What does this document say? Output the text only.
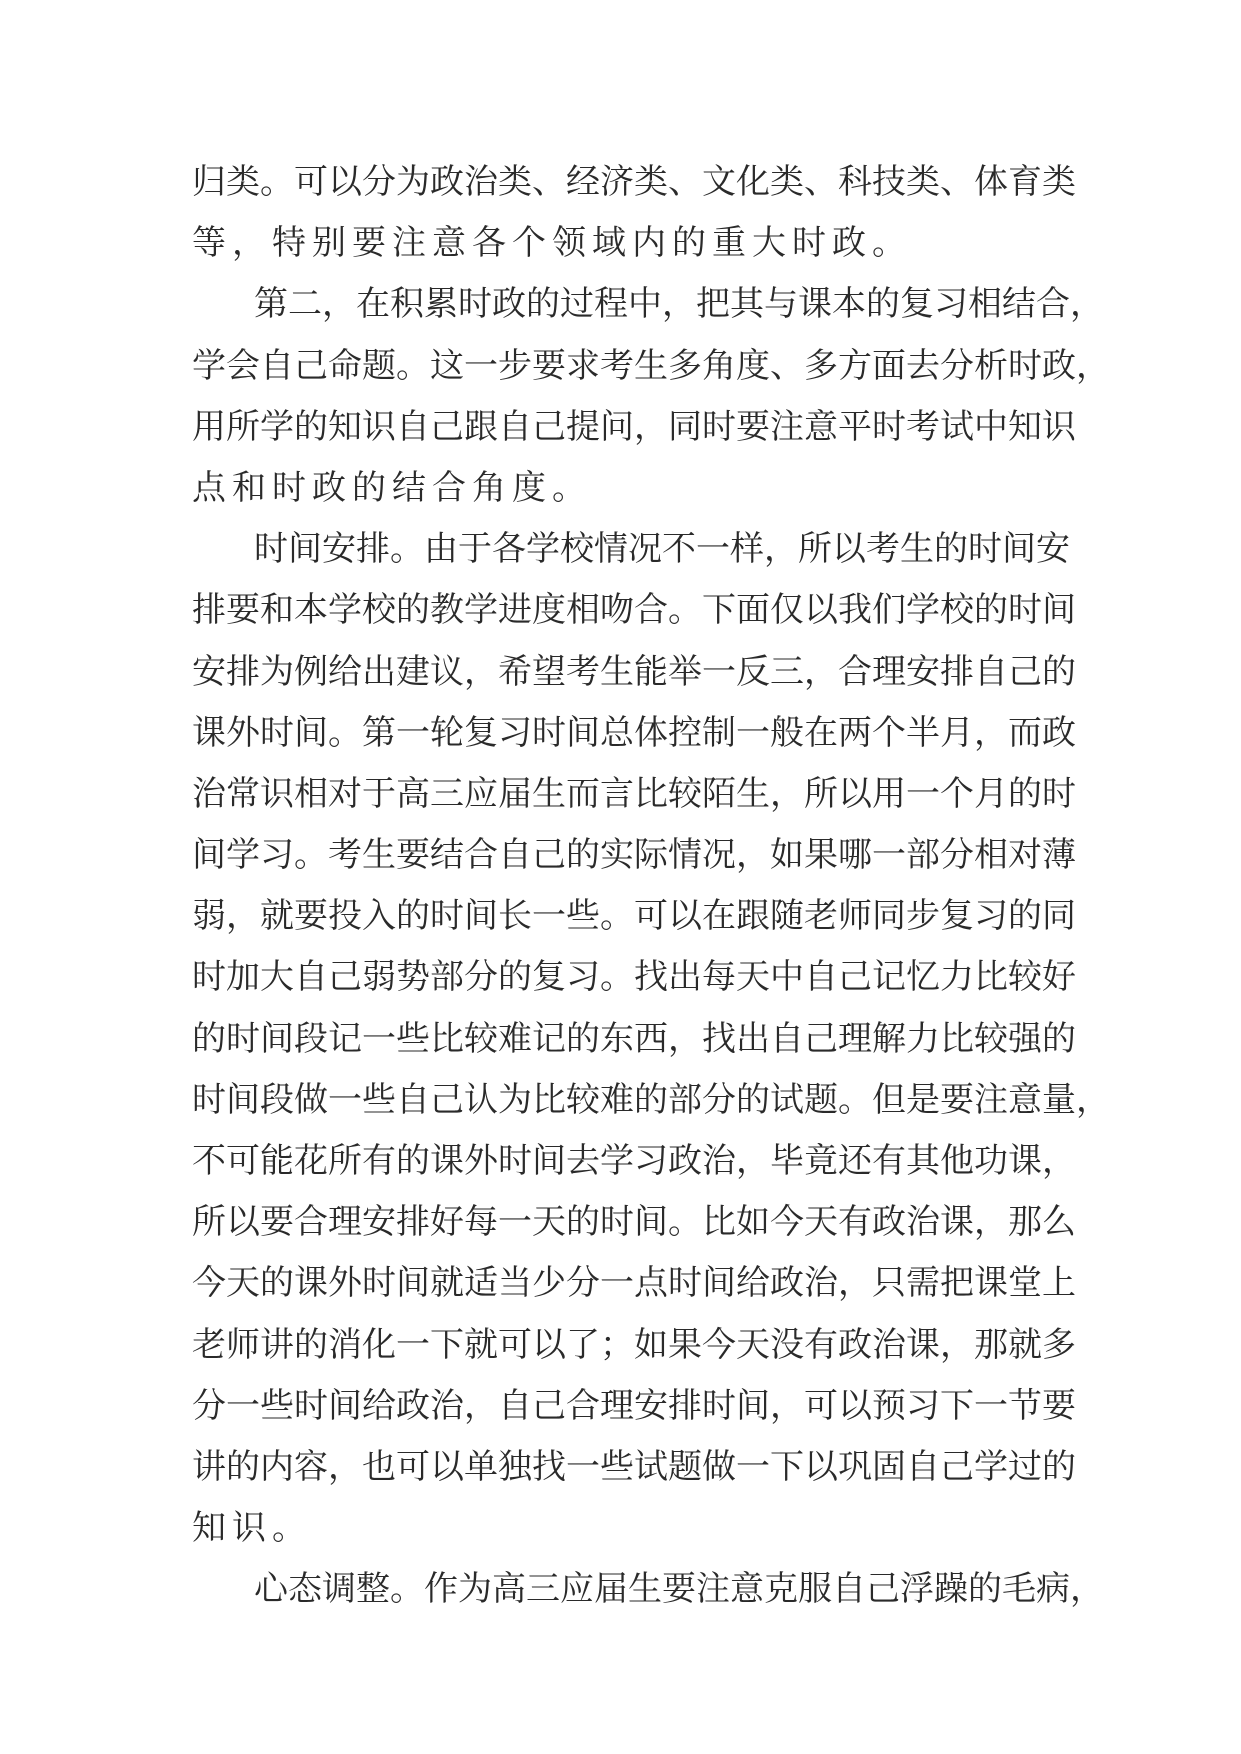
归类。可以分为政治类、经济类、文化类、科技类、体育类
等，特别要注意各个领域内的重大时政。
第二，在积累时政的过程中，把其与课本的复习相结合，
学会自己命题。这一步要求考生多角度、多方面去分析时政，
用所学的知识自己跟自己提问，同时要注意平时考试中知识
点和时政的结合角度。
时间安排。由于各学校情况不一样，所以考生的时间安
排要和本学校的教学进度相吻合。下面仅以我们学校的时间
安排为例给出建议，希望考生能举一反三，合理安排自己的
课外时间。第一轮复习时间总体控制一般在两个半月，而政
治常识相对于高三应届生而言比较陌生，所以用一个月的时
间学习。考生要结合自己的实际情况，如果哪一部分相对薄
弱，就要投入的时间长一些。可以在跟随老师同步复习的同
时加大自己弱势部分的复习。找出每天中自己记忆力比较好
的时间段记一些比较难记的东西，找出自己理解力比较强的
时间段做一些自己认为比较难的部分的试题。但是要注意量，
不可能花所有的课外时间去学习政治，毕竟还有其他功课，
所以要合理安排好每一天的时间。比如今天有政治课，那么
今天的课外时间就适当少分一点时间给政治，只需把课堂上
老师讲的消化一下就可以了；如果今天没有政治课，那就多
分一些时间给政治，自己合理安排时间，可以预习下一节要
讲的内容，也可以单独找一些试题做一下以巩固自己学过的
知识。
心态调整。作为高三应届生要注意克服自己浮躁的毛病，
